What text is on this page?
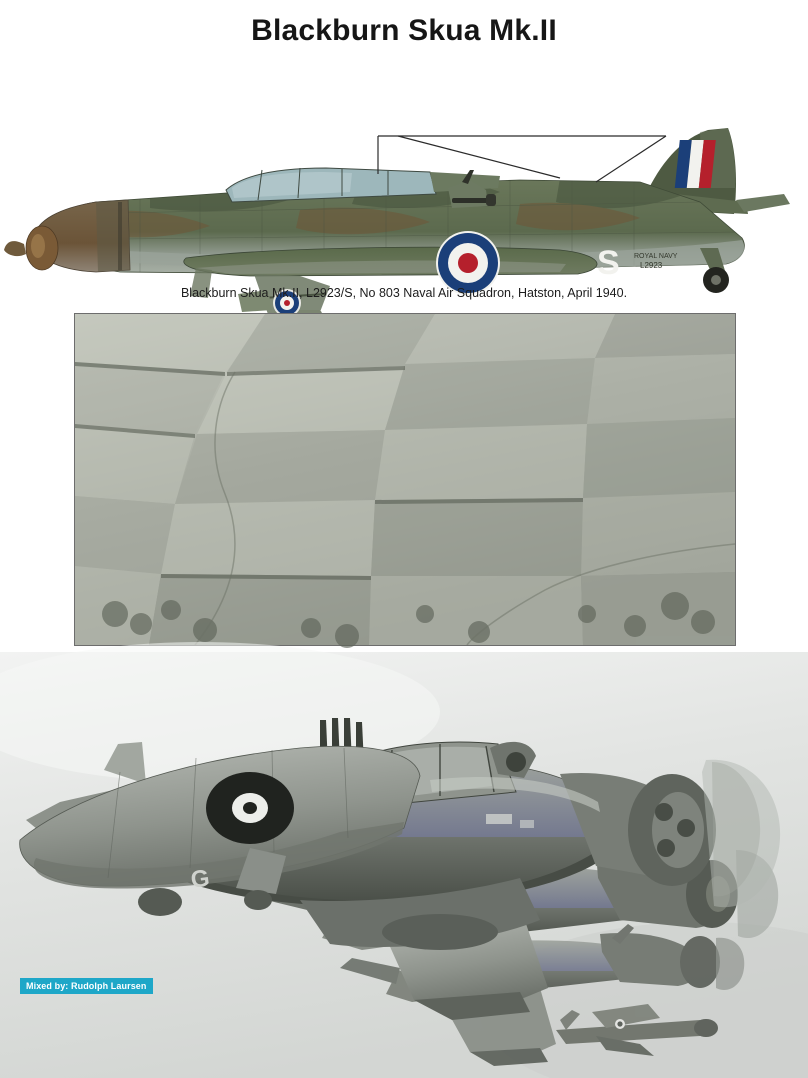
Blackburn Skua Mk.II
S ROYAL NAVY
L2923
Blackburn Skua Mk.II, L2923/S, No 803 Naval Air Squadron, Hatston, April 1940.
G
Mixed by: Rudolph Laursen
